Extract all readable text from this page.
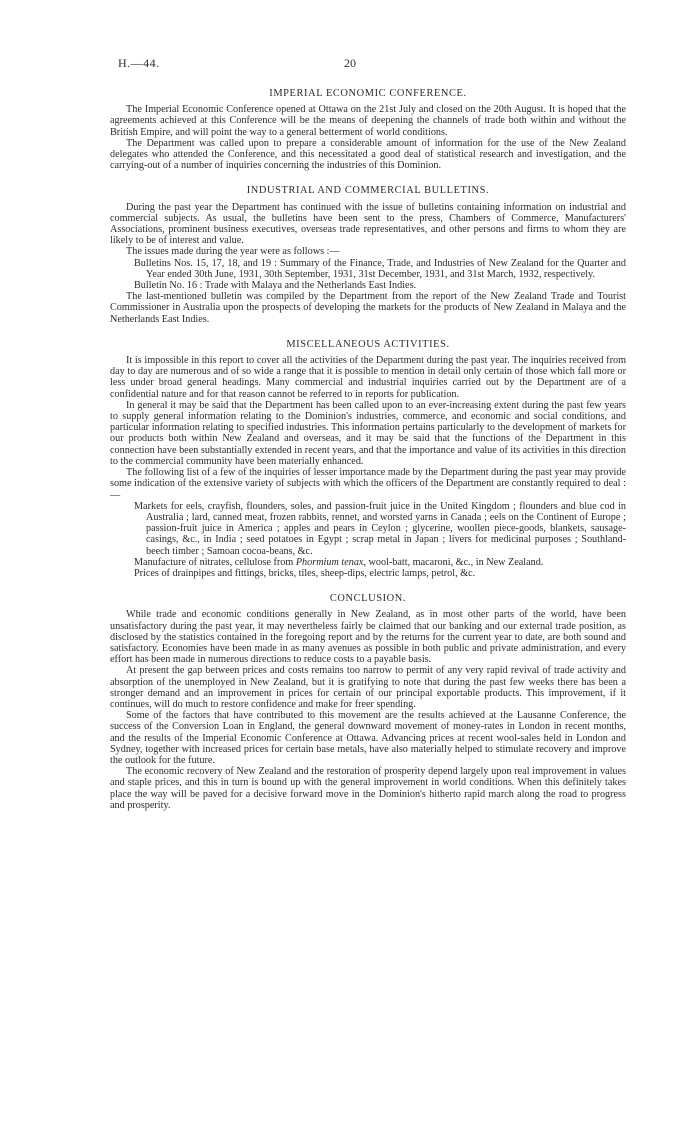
H.—44.	20
IMPERIAL ECONOMIC CONFERENCE.

The Imperial Economic Conference opened at Ottawa on the 21st July and closed on the 20th August. It is hoped that the agreements achieved at this Conference will be the means of deepening the channels of trade both within and without the British Empire, and will point the way to a general betterment of world conditions.

The Department was called upon to prepare a considerable amount of information for the use of the New Zealand delegates who attended the Conference, and this necessitated a good deal of statistical research and investigation, and the carrying-out of a number of inquiries concerning the industries of this Dominion.

INDUSTRIAL AND COMMERCIAL BULLETINS.

During the past year the Department has continued with the issue of bulletins containing information on industrial and commercial subjects. As usual, the bulletins have been sent to the press, Chambers of Commerce, Manufacturers' Associations, prominent business executives, overseas trade representatives, and other persons and firms to whom they are likely to be of interest and value.

The issues made during the year were as follows :—

Bulletins Nos. 15, 17, 18, and 19 : Summary of the Finance, Trade, and Industries of New Zealand for the Quarter and Year ended 30th June, 1931, 30th September, 1931, 31st December, 1931, and 31st March, 1932, respectively.
Bulletin No. 16 : Trade with Malaya and the Netherlands East Indies.

The last-mentioned bulletin was compiled by the Department from the report of the New Zealand Trade and Tourist Commissioner in Australia upon the prospects of developing the markets for the products of New Zealand in Malaya and the Netherlands East Indies.

MISCELLANEOUS ACTIVITIES.

It is impossible in this report to cover all the activities of the Department during the past year. The inquiries received from day to day are numerous and of so wide a range that it is possible to mention in detail only certain of those which fall more or less under broad general headings. Many commercial and industrial inquiries carried out by the Department are of a confidential nature and for that reason cannot be referred to in reports for publication.

In general it may be said that the Department has been called upon to an ever-increasing extent during the past few years to supply general information relating to the Dominion's industries, commerce, and economic and social conditions, and particular information relating to specified industries. This information pertains particularly to the development of markets for our products both within New Zealand and overseas, and it may be said that the functions of the Department in this connection have been substantially extended in recent years, and that the importance and value of its activities in this direction to the commercial community have been materially enhanced.

The following list of a few of the inquiries of lesser importance made by the Department during the past year may provide some indication of the extensive variety of subjects with which the officers of the Department are constantly required to deal :—

Markets for eels, crayfish, flounders, soles, and passion-fruit juice in the United Kingdom ; flounders and blue cod in Australia ; lard, canned meat, frozen rabbits, rennet, and worsted yarns in Canada ; eels on the Continent of Europe ; passion-fruit juice in America ; apples and pears in Ceylon ; glycerine, woollen piece-goods, blankets, sausage-casings, &c., in India ; seed potatoes in Egypt ; scrap metal in Japan ; livers for medicinal purposes ; Southland-beech timber ; Samoan cocoa-beans, &c.
Manufacture of nitrates, cellulose from Phormium tenax, wool-batt, macaroni, &c., in New Zealand.
Prices of drainpipes and fittings, bricks, tiles, sheep-dips, electric lamps, petrol, &c.
CONCLUSION.

While trade and economic conditions generally in New Zealand, as in most other parts of the world, have been unsatisfactory during the past year, it may nevertheless fairly be claimed that our banking and our external trade position, as disclosed by the statistics contained in the foregoing report and by the returns for the current year to date, are both sound and satisfactory. Economies have been made in as many avenues as possible in both public and private administration, and every effort has been made in numerous directions to reduce costs to a payable basis.

At present the gap between prices and costs remains too narrow to permit of any very rapid revival of trade activity and absorption of the unemployed in New Zealand, but it is gratifying to note that during the past few weeks there has been a stronger demand and an improvement in prices for certain of our principal exportable products. This improvement, if it continues, will do much to restore confidence and make for freer spending.

Some of the factors that have contributed to this movement are the results achieved at the Lausanne Conference, the success of the Conversion Loan in England, the general downward movement of money-rates in London in recent months, and the results of the Imperial Economic Conference at Ottawa. Advancing prices at recent wool-sales held in London and Sydney, together with increased prices for certain base metals, have also materially helped to stimulate recovery and improve the outlook for the future.

The economic recovery of New Zealand and the restoration of prosperity depend largely upon real improvement in values and staple prices, and this in turn is bound up with the general improvement in world conditions. When this definitely takes place the way will be paved for a decisive forward move in the Dominion's hitherto rapid march along the road to progress and prosperity.
